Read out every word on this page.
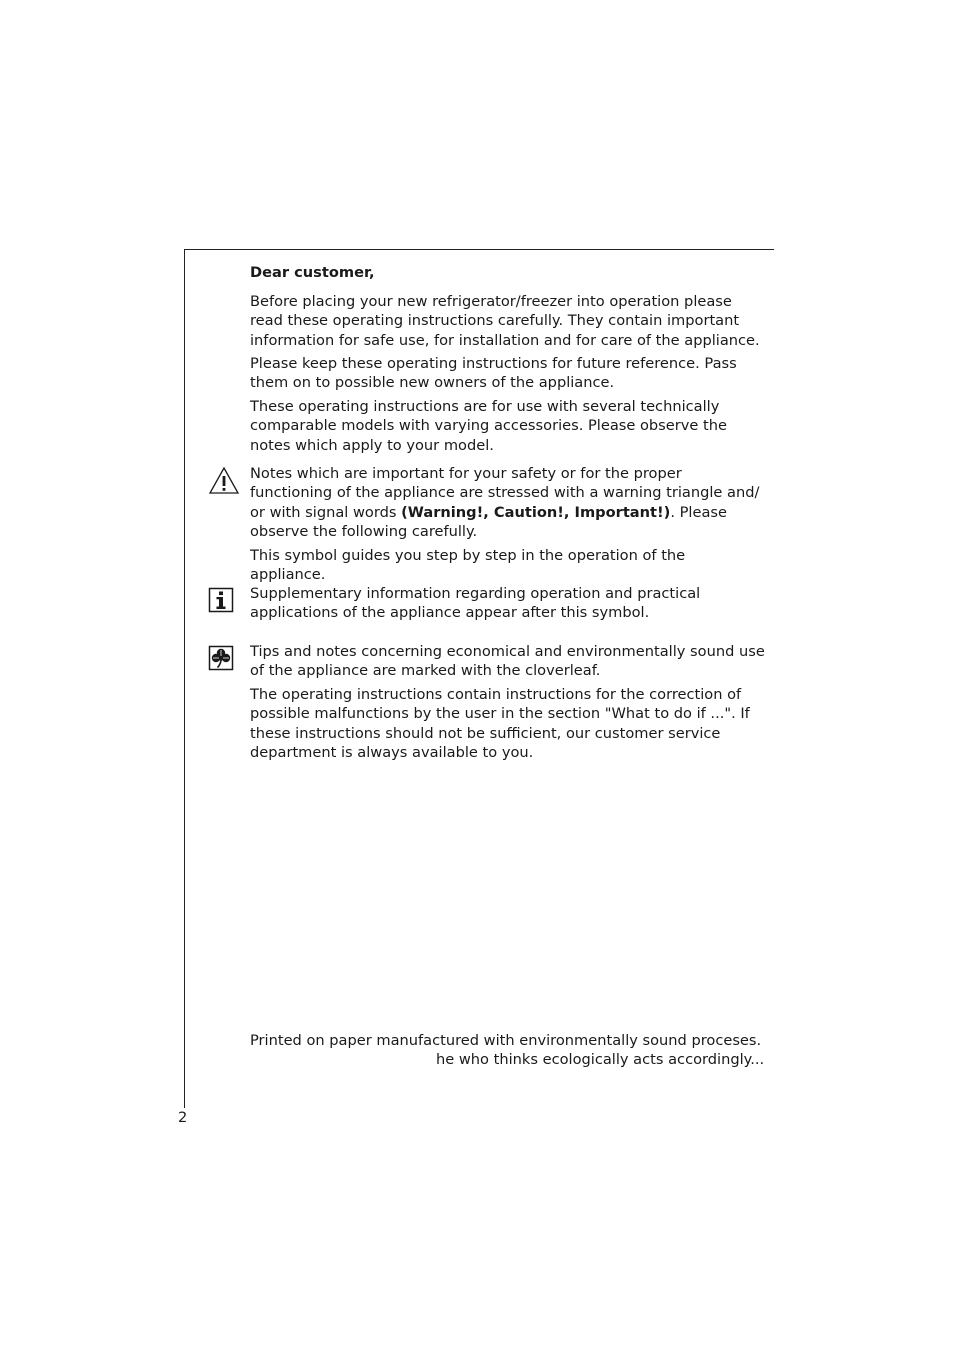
Dear customer,

Before placing your new refrigerator/freezer into operation please read these operating instructions carefully. They contain important information for safe use, for installation and for care of the appliance.

Please keep these operating instructions for future reference. Pass them on to possible new owners of the appliance.

These operating instructions are for use with several technically comparable models with varying accessories. Please observe the notes which apply to your model.

Notes which are important for your safety or for the proper functioning of the appliance are stressed with a warning triangle and/ or with signal words (Warning!, Caution!, Important!). Please observe the following carefully.

This symbol guides you step by step in the operation of the appliance.

Supplementary information regarding operation and practical applications of the appliance appear after this symbol.

Tips and notes concerning economical and environmentally sound use of the appliance are marked with the cloverleaf.

The operating instructions contain instructions for the correction of possible malfunctions by the user in the section "What to do if ...". If these instructions should not be sufficient, our customer service department is always available to you.

Printed on paper manufactured with environmentally sound proceses.
he who thinks ecologically acts accordingly...
2
